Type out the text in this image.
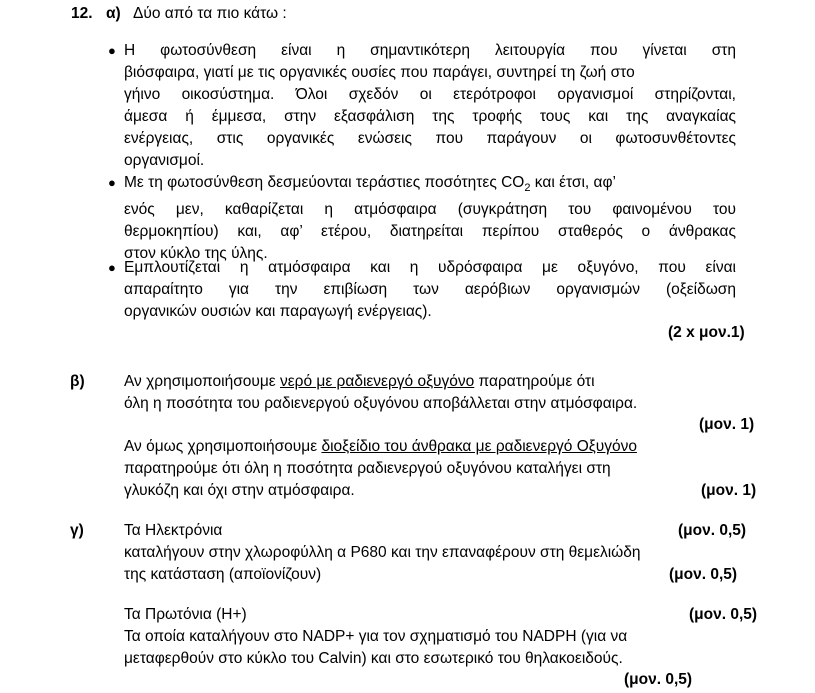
12. α) Δύο από τα πιο κάτω :
● Η φωτοσύνθεση είναι η σημαντικότερη λειτουργία που γίνεται στη
βιόσφαιρα, γιατί με τις οργανικές ουσίες που παράγει, συντηρεί τη ζωή στο
γήινο οικοσύστημα. Όλοι σχεδόν οι ετερότροφοι οργανισμοί στηρίζονται,
άμεσα ή έμμεσα, στην εξασφάλιση της τροφής τους και της αναγκαίας
ενέργειας, στις οργανικές ενώσεις που παράγουν οι φωτοσυνθέτοντες
οργανισμοί.
● Με τη φωτοσύνθεση δεσμεύονται τεράστιες ποσότητες $CO_2$ και έτσι, αφ’
ενός μεν, καθαρίζεται η ατμόσφαιρα (συγκράτηση του φαινομένου του
θερμοκηπίου) και, αφ’ ετέρου, διατηρείται περίπου σταθερός ο άνθρακας
στον κύκλο της ύλης.
● Εμπλουτίζεται η ατμόσφαιρα και η υδρόσφαιρα με οξυγόνο, που είναι
απαραίτητο για την επιβίωση των αερόβιων οργανισμών (οξείδωση
οργανικών ουσιών και παραγωγή ενέργειας).
(2 x μον.1)
β)	Αν χρησιμοποιήσουμε νερό με ραδιενεργό οξυγόνο παρατηρούμε ότι
όλη η ποσότητα του ραδιενεργού οξυγόνου αποβάλλεται στην ατμόσφαιρα.
(μον. 1)
Αν όμως χρησιμοποιήσουμε διοξείδιο του άνθρακα με ραδιενεργό Οξυγόνο
παρατηρούμε ότι όλη η ποσότητα ραδιενεργού οξυγόνου καταλήγει στη
γλυκόζη και όχι στην ατμόσφαιρα.	(μον. 1)
γ)	Τα Ηλεκτρόνια	(μον. 0,5)
καταλήγουν στην χλωροφύλλη α P680 και την επαναφέρουν στη θεμελιώδη
της κατάσταση (αποϊονίζουν)	(μον. 0,5)
Τα Πρωτόνια (Η+)	(μον. 0,5)
Τα οποία καταλήγουν στο NADP+ για τον σχηματισμό του NADPH (για να
μεταφερθούν στο κύκλο του Calvin) και στο εσωτερικό του θηλακοειδούς.
(μον. 0,5)
